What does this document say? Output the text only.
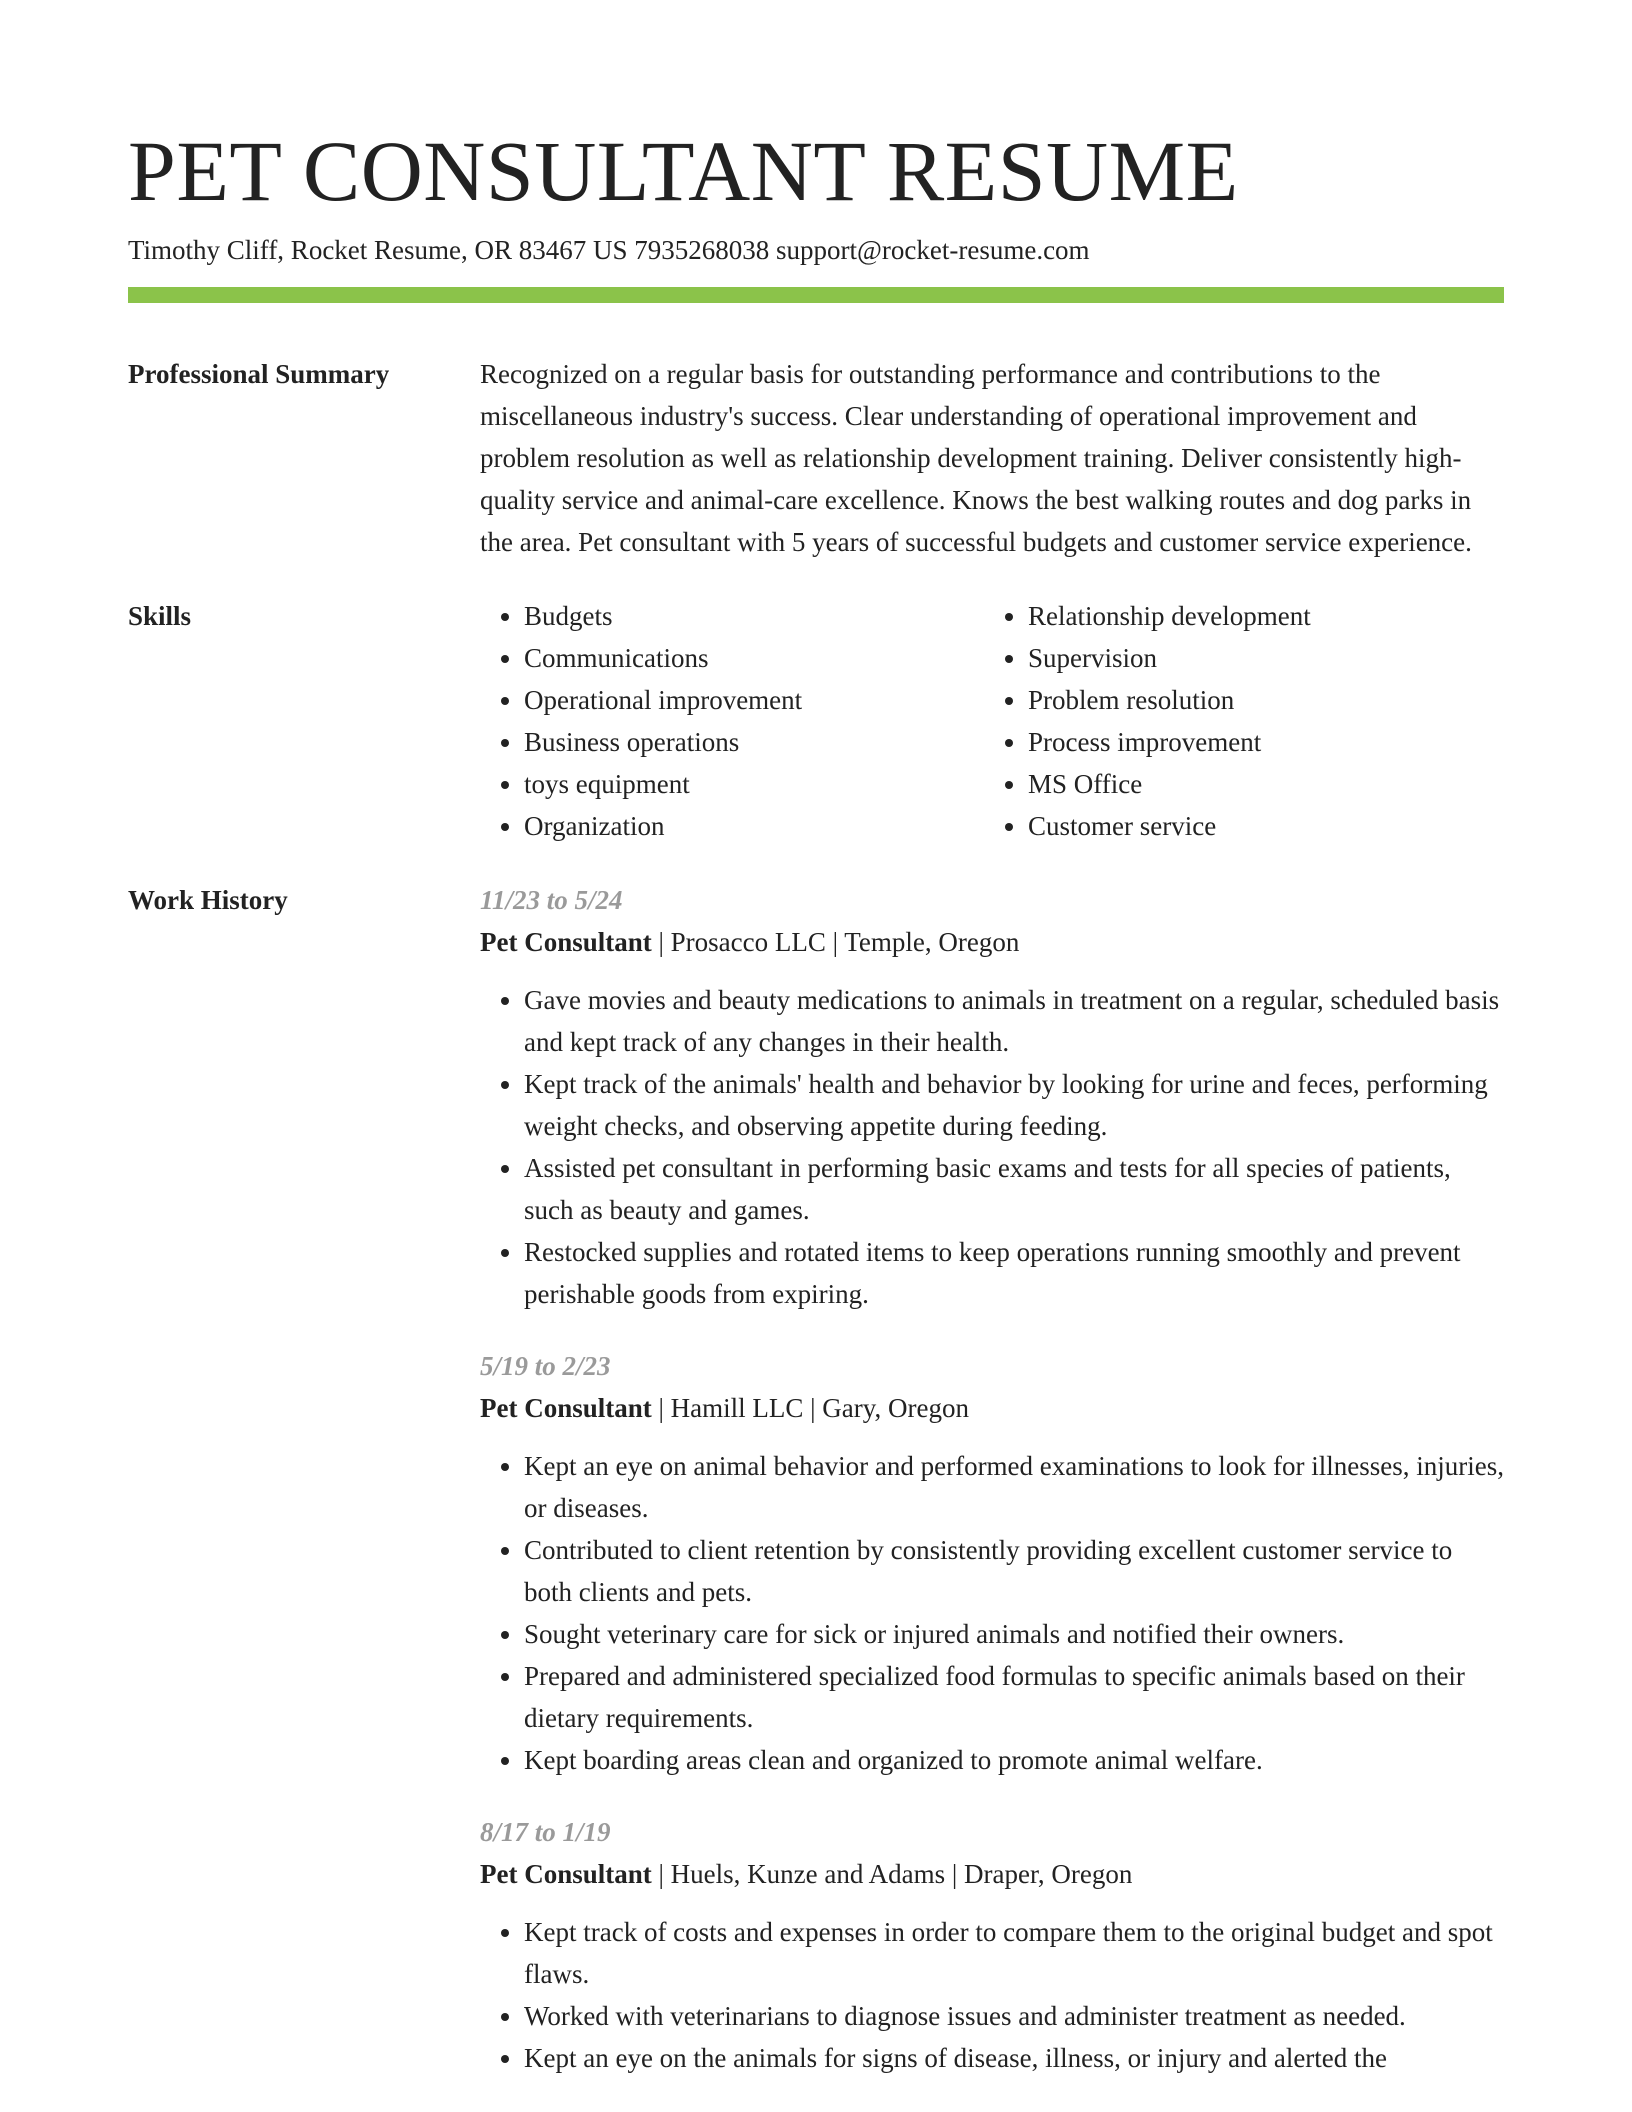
PET CONSULTANT RESUME
Timothy Cliff, Rocket Resume, OR 83467 US 7935268038 support@rocket-resume.com
Professional Summary	Recognized on a regular basis for outstanding performance and contributions to the miscellaneous industry's success. Clear understanding of operational improvement and problem resolution as well as relationship development training. Deliver consistently high-quality service and animal-care excellence. Knows the best walking routes and dog parks in the area. Pet consultant with 5 years of successful budgets and customer service experience.

Skills
•	Budgets
• Communications
• Operational improvement
• Business operations
• toys equipment
• Organization
• Relationship development
• Supervision
• Problem resolution
• Process improvement
• MS Office
• Customer service
Work History	11/23 to 5/24
Pet Consultant | Prosacco LLC | Temple, Oregon
• Gave movies and beauty medications to animals in treatment on a regular, scheduled basis and kept track of any changes in their health.
• Kept track of the animals' health and behavior by looking for urine and feces, performing weight checks, and observing appetite during feeding.
• Assisted pet consultant in performing basic exams and tests for all species of patients, such as beauty and games.
• Restocked supplies and rotated items to keep operations running smoothly and prevent perishable goods from expiring.
5/19 to 2/23
Pet Consultant | Hamill LLC | Gary, Oregon
• Kept an eye on animal behavior and performed examinations to look for illnesses, injuries, or diseases.
• Contributed to client retention by consistently providing excellent customer service to both clients and pets.
• Sought veterinary care for sick or injured animals and notified their owners.
• Prepared and administered specialized food formulas to specific animals based on their dietary requirements.
• Kept boarding areas clean and organized to promote animal welfare.
8/17 to 1/19
Pet Consultant | Huels, Kunze and Adams | Draper, Oregon
• Kept track of costs and expenses in order to compare them to the original budget and spot flaws.
• Worked with veterinarians to diagnose issues and administer treatment as needed.
• Kept an eye on the animals for signs of disease, illness, or injury and alerted the
